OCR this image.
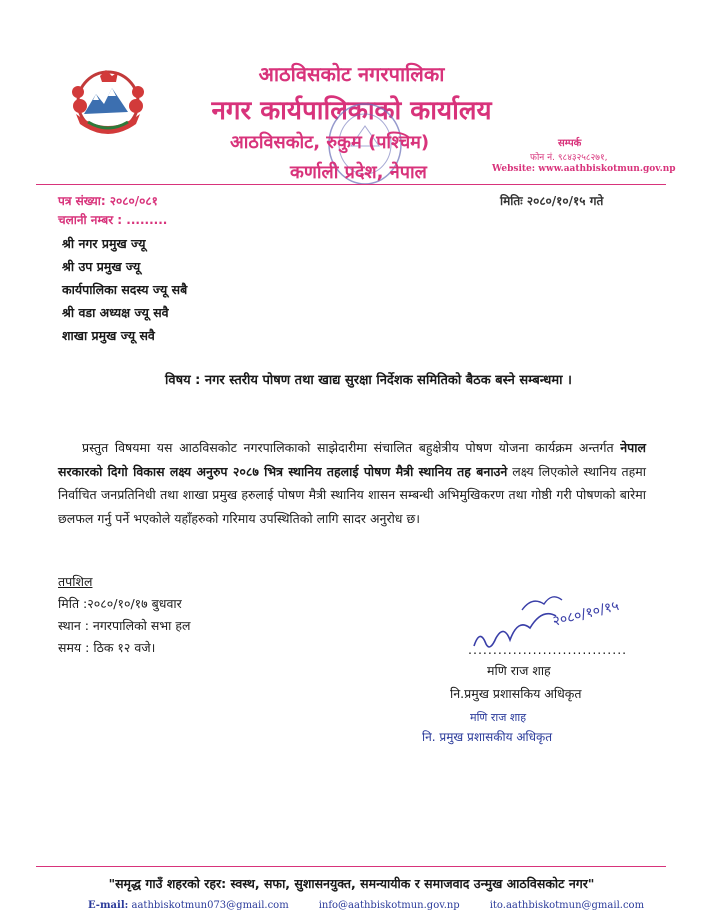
आठविसकोट नगरपालिका
नगर कार्यपालिकाको कार्यालय
आठविसकोट, रुकुम (पश्चिम)
कर्णाली प्रदेश, नेपाल
सम्पर्क
फोन नं. ९८४३२५८२७१,
Website: www.aathbiskotmun.gov.np
पत्र संख्या: २०८०/०८१	मितिः २०८०/१०/१५ गते
चलानी नम्बर : .........
श्री नगर प्रमुख ज्यू
श्री उप प्रमुख ज्यू
कार्यपालिका सदस्य ज्यू सबै
श्री वडा अध्यक्ष ज्यू सवै
शाखा प्रमुख ज्यू सवै
विषय : नगर स्तरीय पोषण तथा खाद्य सुरक्षा निर्देशक समितिको बैठक बस्ने सम्बन्धमा ।
प्रस्तुत विषयमा यस आठविसकोट नगरपालिकाको साझेदारीमा संचालित बहुक्षेत्रीय पोषण योजना कार्यक्रम अन्तर्गत नेपाल सरकारको दिगो विकास लक्ष्य अनुरुप २०८७ भित्र स्थानिय तहलाई पोषण मैत्री स्थानिय तह बनाउने लक्ष्य लिएकोले स्थानिय तहमा निर्वाचित जनप्रतिनिधी तथा शाखा प्रमुख हरुलाई पोषण मैत्री स्थानिय शासन सम्बन्धी अभिमुखिकरण तथा गोष्ठी गरी पोषणको बारेमा छलफल गर्नु पर्ने भएकोले यहाँहरुको गरिमाय उपस्थितिको लागि सादर अनुरोध छ।
तपशिल
मिति :२०८०/१०/१७ बुधवार
स्थान : नगरपालिको सभा हल
समय : ठिक १२ वजे।
२०८०/१०/१५
................................
मणि राज शाह
नि.प्रमुख प्रशासकिय अधिकृत
मणि राज शाह
नि. प्रमुख प्रशासकीय अधिकृत
"समृद्ध गाउँ शहरको रहर: स्वस्थ, सफा, सुशासनयुक्त, समन्यायीक र समाजवाद उन्मुख आठविसकोट नगर"
E-mail: aathbiskotmun073@gmail.com	info@aathbiskotmun.gov.np	ito.aathbiskotmun@gmail.com
